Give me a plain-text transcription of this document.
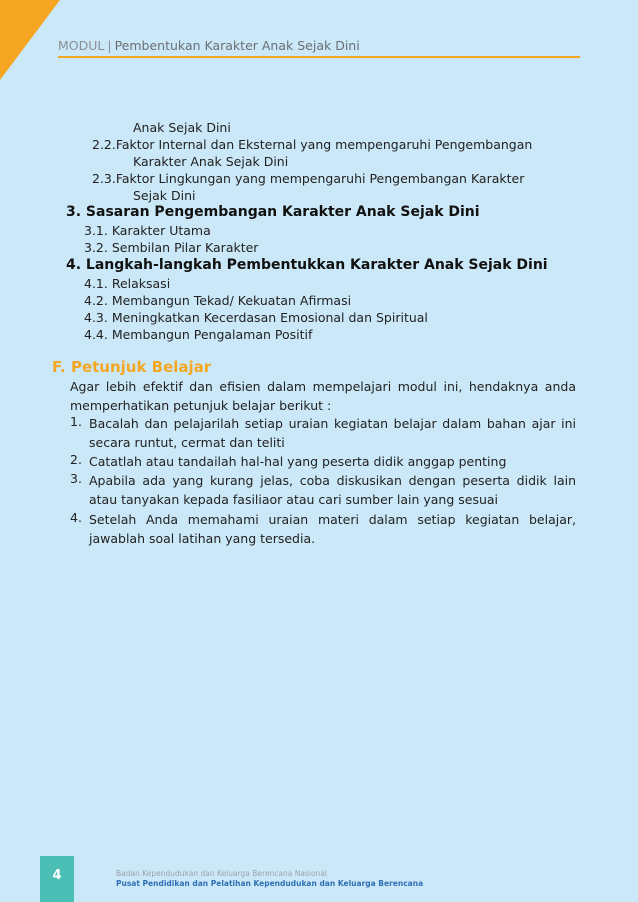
MODUL | Pembentukan Karakter Anak Sejak Dini
Anak Sejak Dini
2.2.Faktor Internal dan Eksternal yang mempengaruhi Pengembangan
Karakter Anak Sejak Dini
2.3.Faktor Lingkungan yang mempengaruhi Pengembangan Karakter
Sejak Dini
3. Sasaran Pengembangan Karakter Anak Sejak Dini
3.1. Karakter Utama
3.2. Sembilan Pilar Karakter
4. Langkah-langkah Pembentukkan Karakter Anak Sejak Dini
4.1. Relaksasi
4.2. Membangun Tekad/ Kekuatan Afirmasi
4.3. Meningkatkan Kecerdasan Emosional dan Spiritual
4.4. Membangun Pengalaman Positif
F. Petunjuk Belajar
Agar lebih efektif dan efisien dalam mempelajari modul ini, hendaknya anda memperhatikan petunjuk belajar berikut :
1. Bacalah dan pelajarilah setiap uraian kegiatan belajar dalam bahan ajar ini secara runtut, cermat dan teliti
2. Catatlah atau tandailah hal-hal yang peserta didik anggap penting
3. Apabila ada yang kurang jelas, coba diskusikan dengan peserta didik lain atau tanyakan kepada fasiliaor atau cari sumber lain yang sesuai
4. Setelah Anda memahami uraian materi dalam setiap kegiatan belajar, jawablah soal latihan yang tersedia.
4	Badan Kependudukan dan Keluarga Berencana Nasional
Pusat Pendidikan dan Pelatihan Kependudukan dan Keluarga Berencana
